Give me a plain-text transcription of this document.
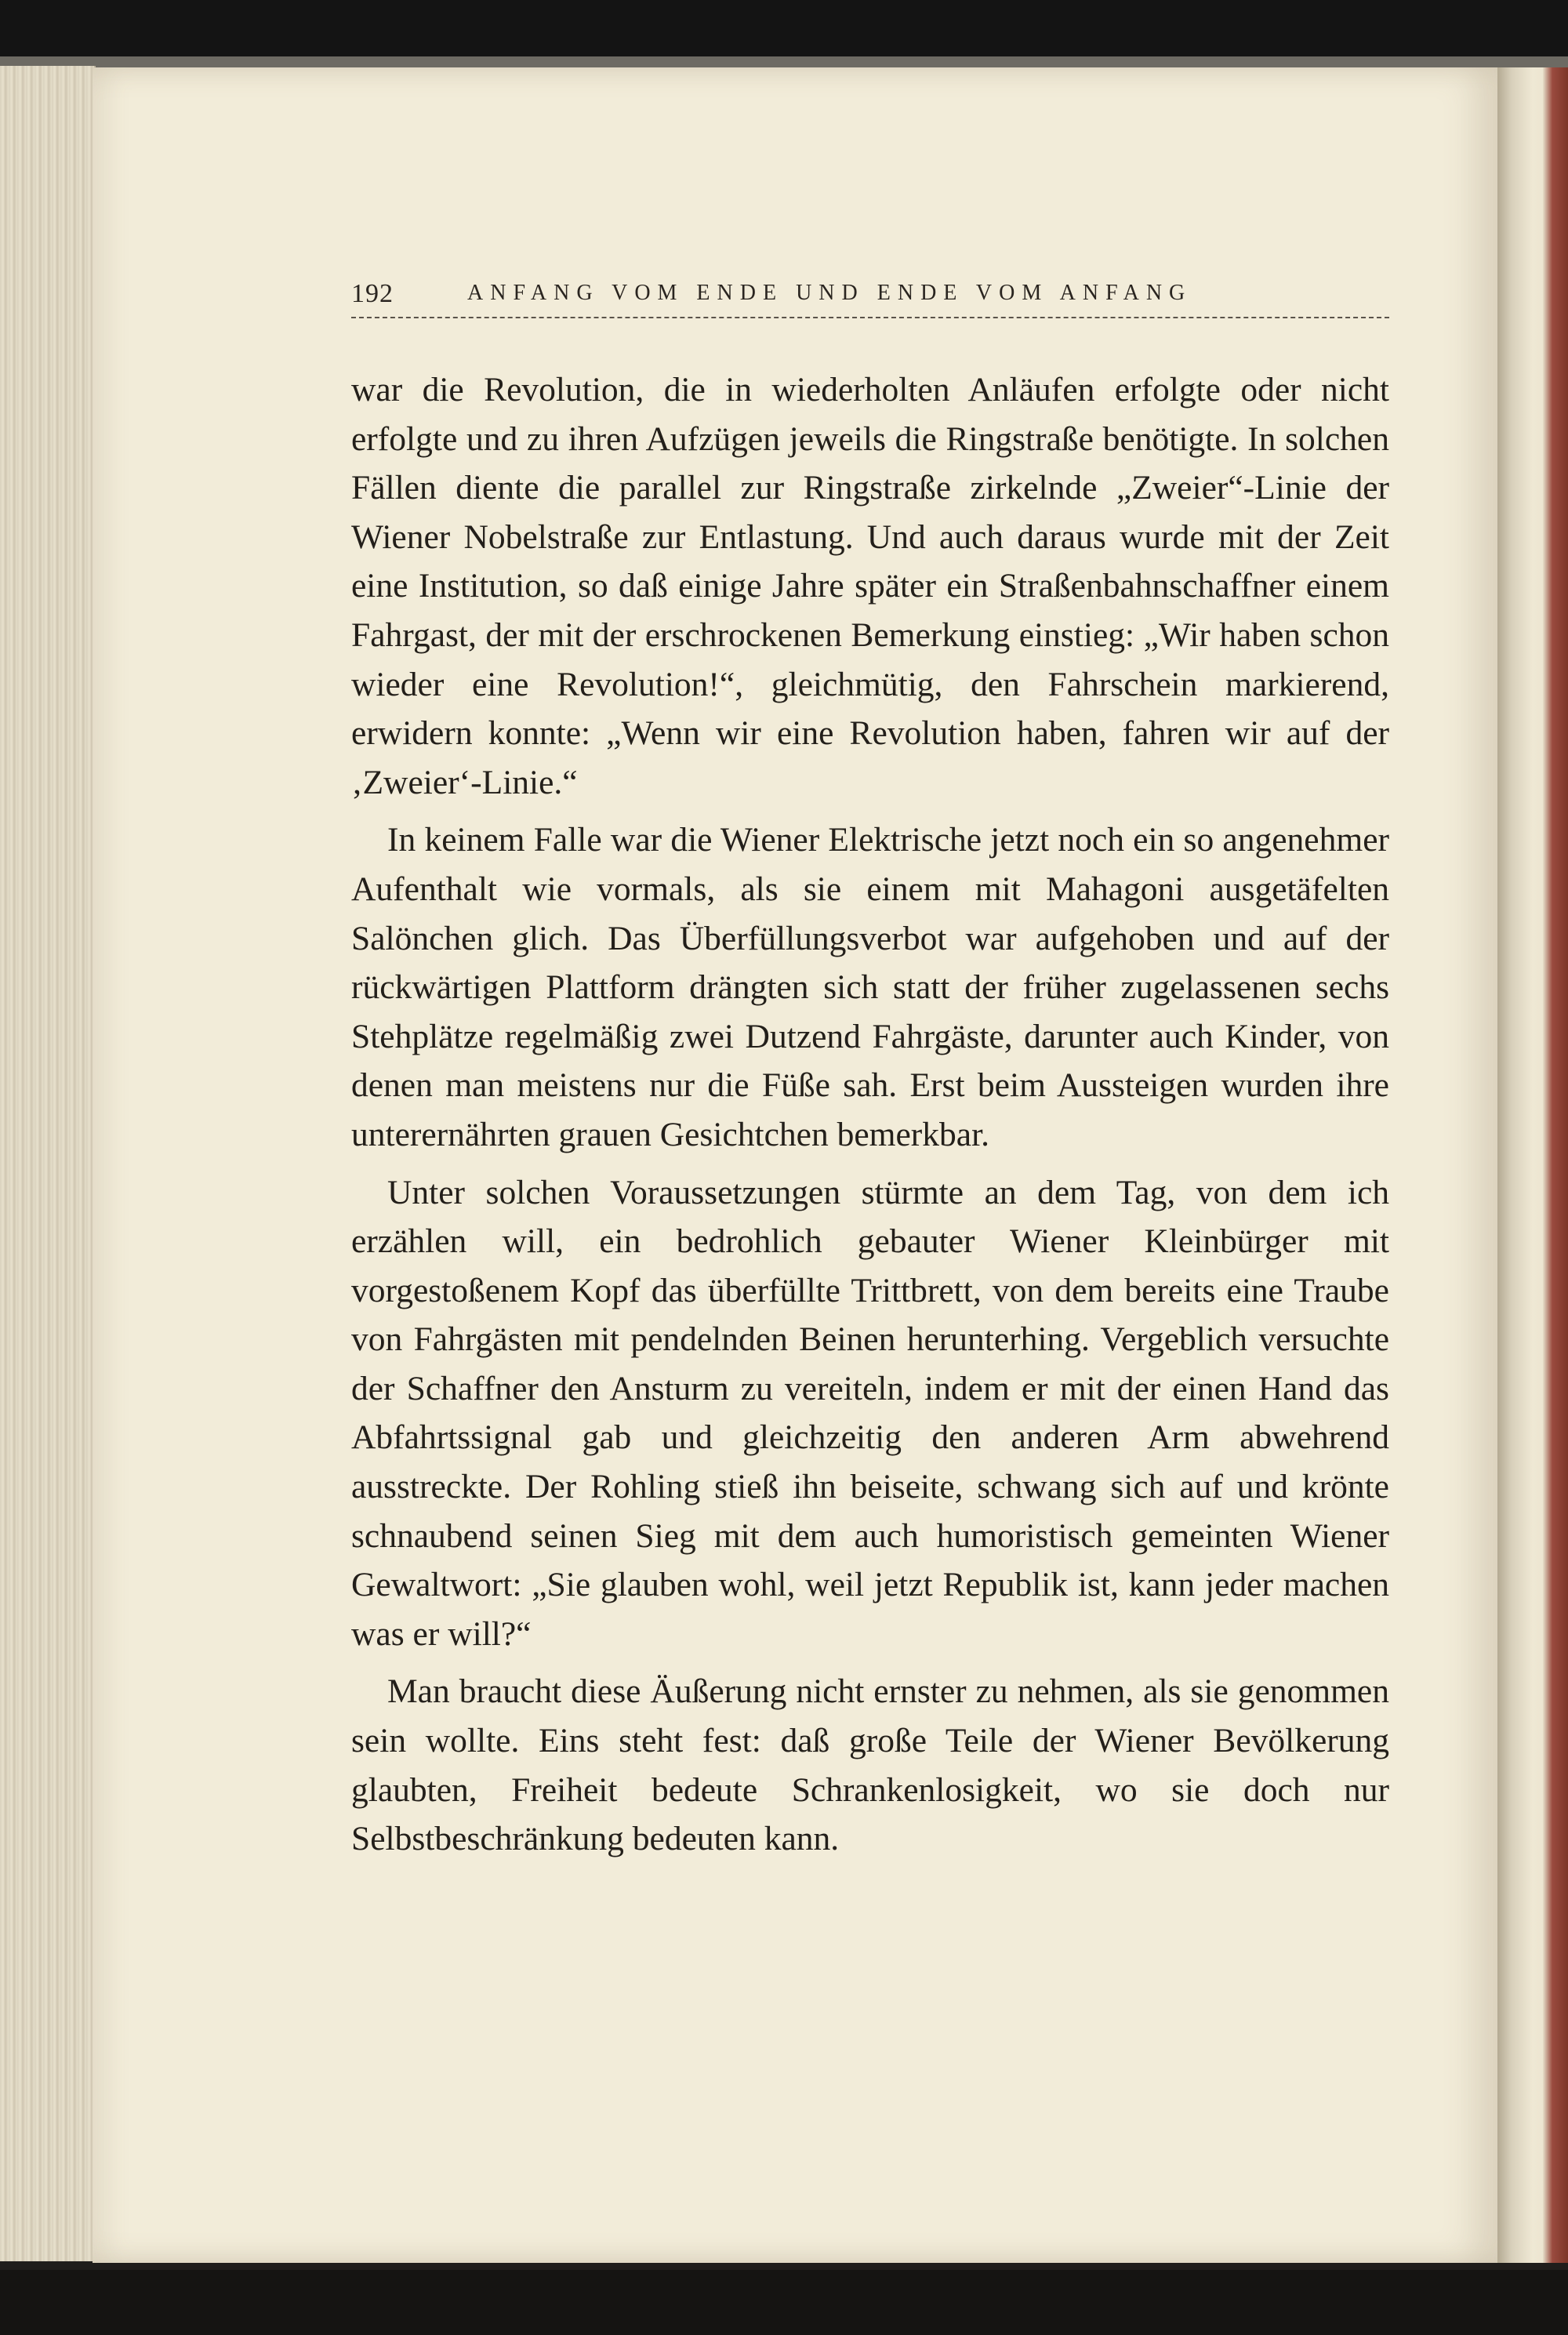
192	ANFANG VOM ENDE UND ENDE VOM ANFANG

war die Revolution, die in wiederholten Anläufen erfolgte oder nicht erfolgte und zu ihren Aufzügen jeweils die Ringstraße benötigte. In solchen Fällen diente die parallel zur Ringstraße zirkelnde „Zweier“-Linie der Wiener Nobelstraße zur Entlastung. Und auch daraus wurde mit der Zeit eine Institution, so daß einige Jahre später ein Straßenbahnschaffner einem Fahrgast, der mit der erschrockenen Bemerkung einstieg: „Wir haben schon wieder eine Revolution!“, gleichmütig, den Fahrschein markierend, erwidern konnte: „Wenn wir eine Revolution haben, fahren wir auf der ‚Zweier‘-Linie.“

In keinem Falle war die Wiener Elektrische jetzt noch ein so angenehmer Aufenthalt wie vormals, als sie einem mit Mahagoni ausgetäfelten Salönchen glich. Das Überfüllungsverbot war aufgehoben und auf der rückwärtigen Plattform drängten sich statt der früher zugelassenen sechs Stehplätze regelmäßig zwei Dutzend Fahrgäste, darunter auch Kinder, von denen man meistens nur die Füße sah. Erst beim Aussteigen wurden ihre unterernährten grauen Gesichtchen bemerkbar.

Unter solchen Voraussetzungen stürmte an dem Tag, von dem ich erzählen will, ein bedrohlich gebauter Wiener Kleinbürger mit vorgestoßenem Kopf das überfüllte Trittbrett, von dem bereits eine Traube von Fahrgästen mit pendelnden Beinen herunterhing. Vergeblich versuchte der Schaffner den Ansturm zu vereiteln, indem er mit der einen Hand das Abfahrtssignal gab und gleichzeitig den anderen Arm abwehrend ausstreckte. Der Rohling stieß ihn beiseite, schwang sich auf und krönte schnaubend seinen Sieg mit dem auch humoristisch gemeinten Wiener Gewaltwort: „Sie glauben wohl, weil jetzt Republik ist, kann jeder machen was er will?“

Man braucht diese Äußerung nicht ernster zu nehmen, als sie genommen sein wollte. Eins steht fest: daß große Teile der Wiener Bevölkerung glaubten, Freiheit bedeute Schrankenlosigkeit, wo sie doch nur Selbstbeschränkung bedeuten kann.
